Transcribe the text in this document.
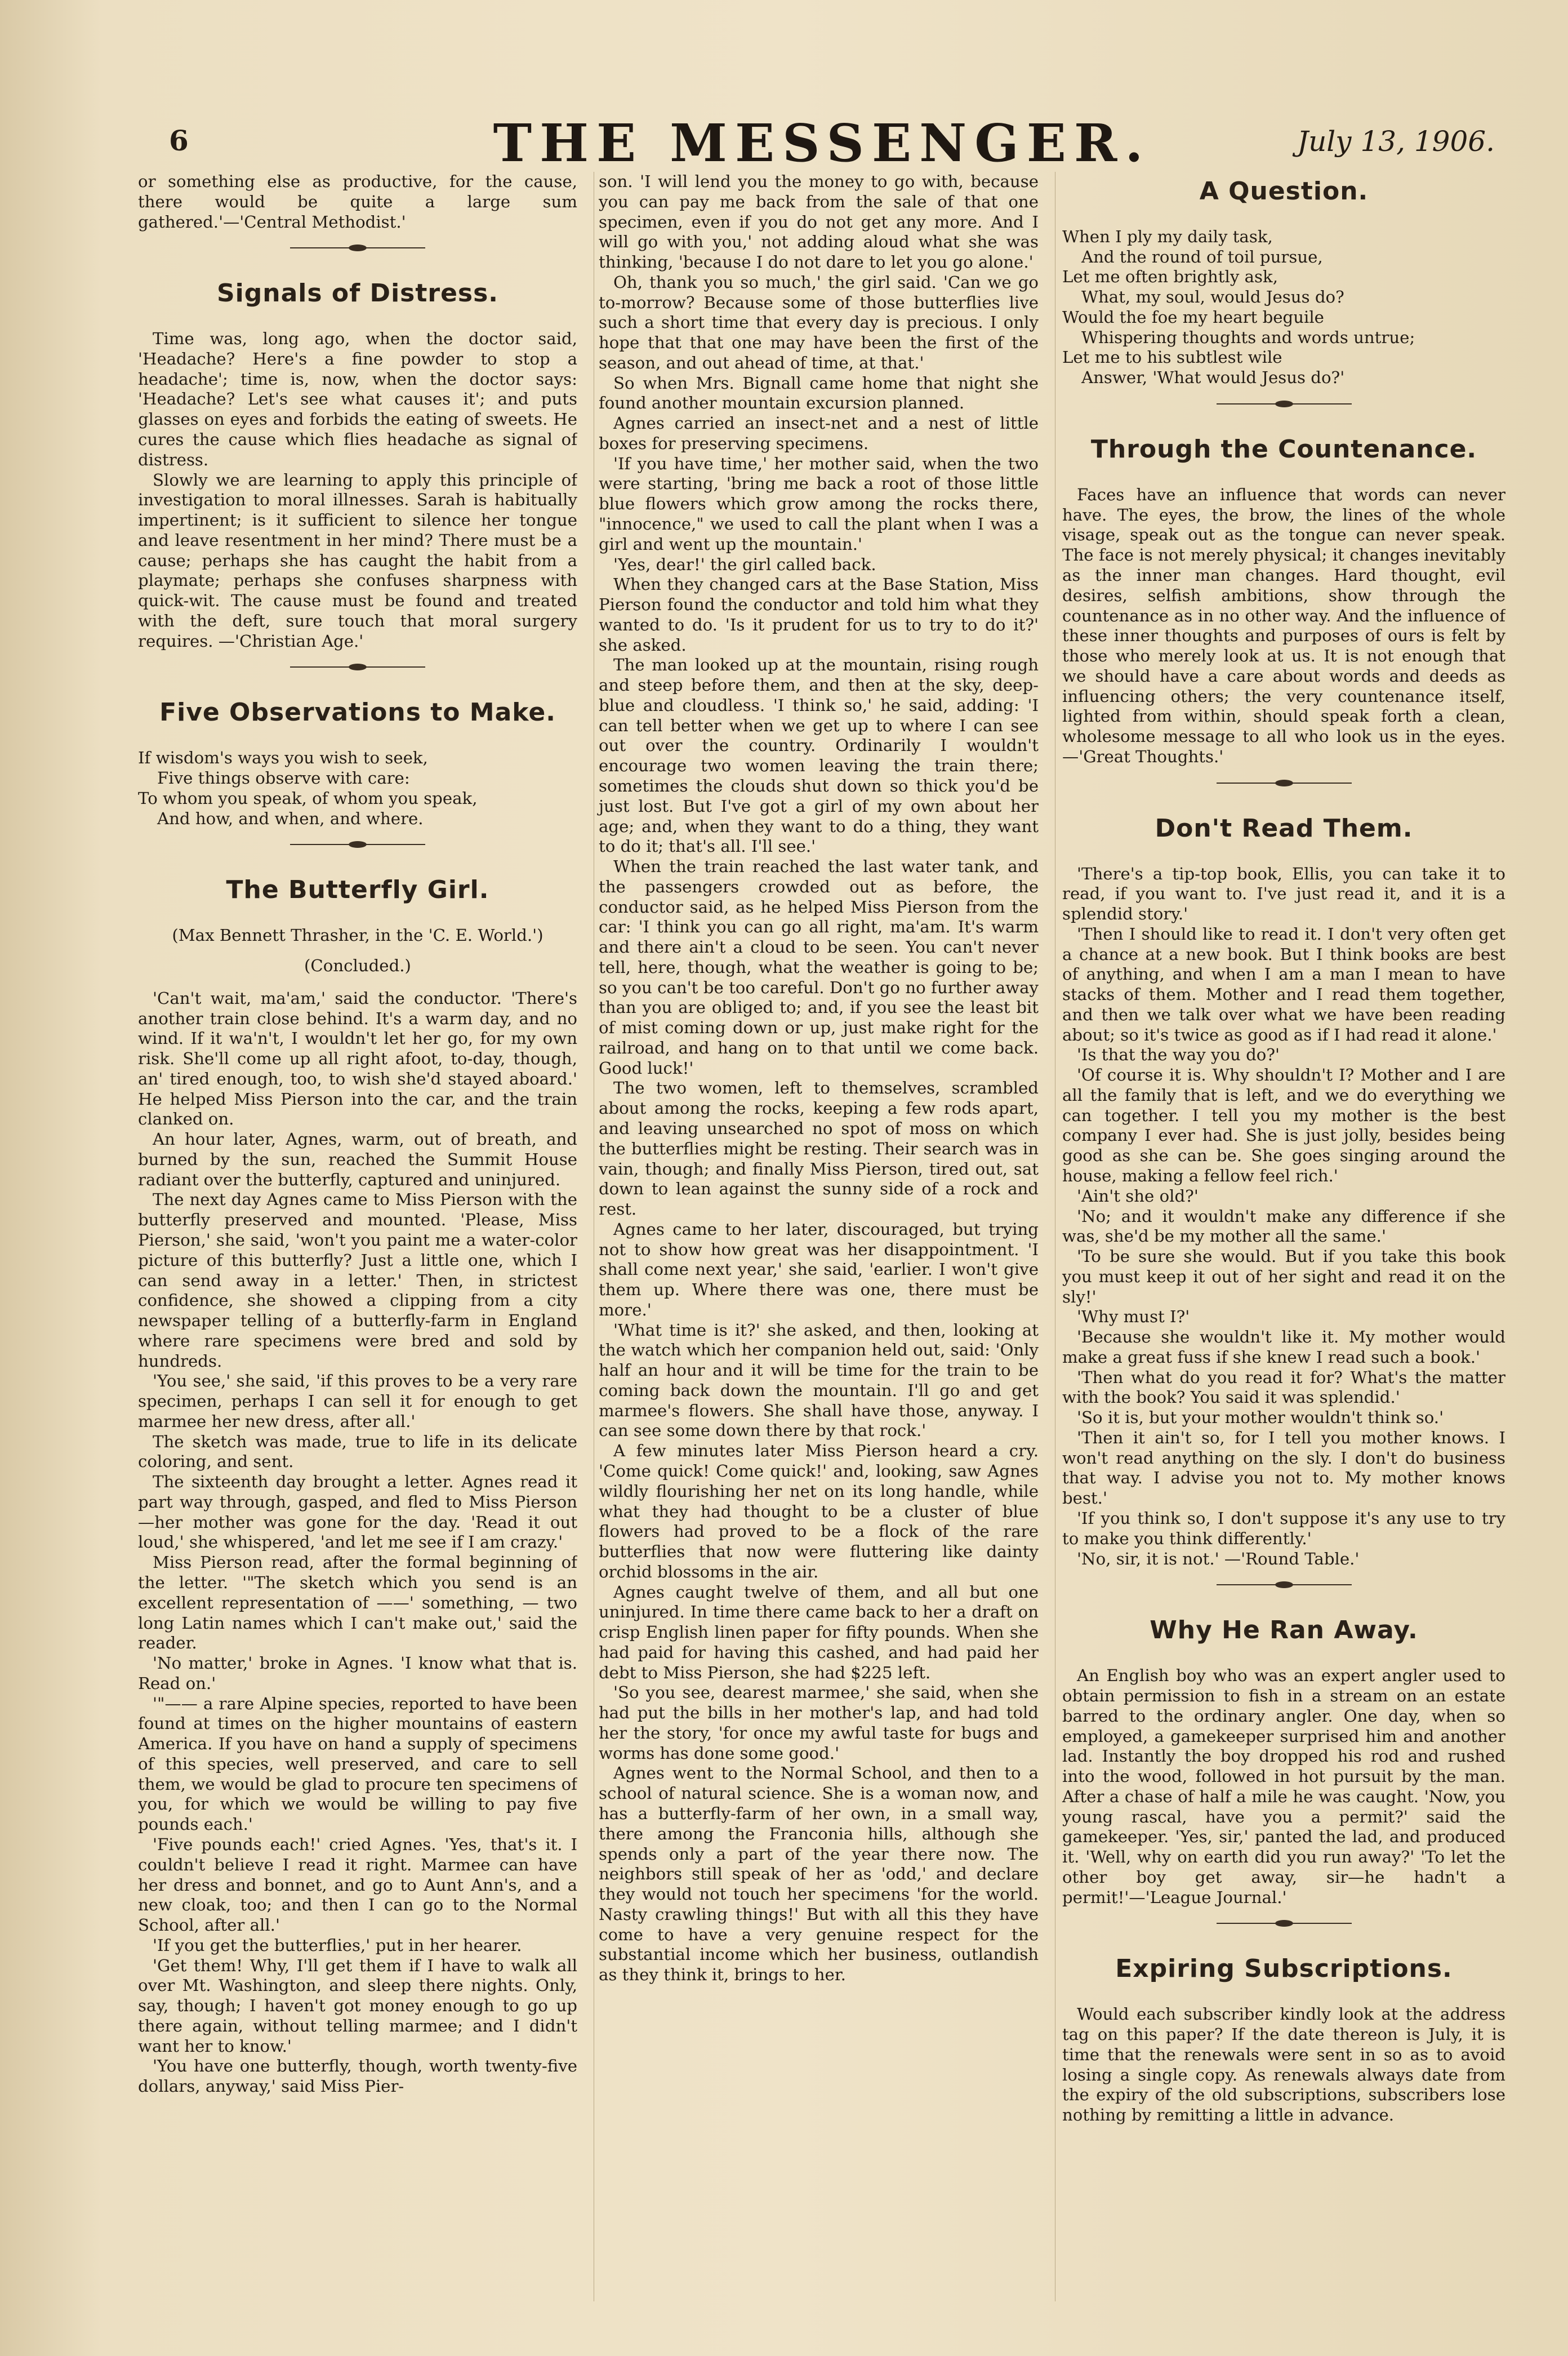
6	THE MESSENGER.	July 13, 1906.

or something else as productive, for the cause, there would be quite a large sum gathered.'—'Central Methodist.'

Signals of Distress.

Time was, long ago, when the doctor said, 'Headache? Here's a fine powder to stop a headache'; time is, now, when the doctor says: 'Headache? Let's see what causes it'; and puts glasses on eyes and forbids the eating of sweets. He cures the cause which flies headache as signal of distress.

Slowly we are learning to apply this principle of investigation to moral illnesses. Sarah is habitually impertinent; is it sufficient to silence her tongue and leave resentment in her mind? There must be a cause; perhaps she has caught the habit from a playmate; perhaps she confuses sharpness with quick-wit. The cause must be found and treated with the deft, sure touch that moral surgery requires. —'Christian Age.'

Five Observations to Make.
If wisdom's ways you wish to seek,
Five things observe with care:
To whom you speak, of whom you speak,
And how, and when, and where.
The Butterfly Girl.

(Max Bennett Thrasher, in the 'C. E. World.')

(Concluded.)

'Can't wait, ma'am,' said the conductor. 'There's another train close behind. It's a warm day, and no wind. If it wa'n't, I wouldn't let her go, for my own risk. She'll come up all right afoot, to-day, though, an' tired enough, too, to wish she'd stayed aboard.' He helped Miss Pierson into the car, and the train clanked on.

An hour later, Agnes, warm, out of breath, and burned by the sun, reached the Summit House radiant over the butterfly, captured and uninjured.

The next day Agnes came to Miss Pierson with the butterfly preserved and mounted. 'Please, Miss Pierson,' she said, 'won't you paint me a water-color picture of this butterfly? Just a little one, which I can send away in a letter.' Then, in strictest confidence, she showed a clipping from a city newspaper telling of a butterfly-farm in England where rare specimens were bred and sold by hundreds.

'You see,' she said, 'if this proves to be a very rare specimen, perhaps I can sell it for enough to get marmee her new dress, after all.'

The sketch was made, true to life in its delicate coloring, and sent.

The sixteenth day brought a letter. Agnes read it part way through, gasped, and fled to Miss Pierson—her mother was gone for the day. 'Read it out loud,' she whispered, 'and let me see if I am crazy.'

Miss Pierson read, after the formal beginning of the letter. '"The sketch which you send is an excellent representation of ——' something, — two long Latin names which I can't make out,' said the reader.

'No matter,' broke in Agnes. 'I know what that is. Read on.'

'"—— a rare Alpine species, reported to have been found at times on the higher mountains of eastern America. If you have on hand a supply of specimens of this species, well preserved, and care to sell them, we would be glad to procure ten specimens of you, for which we would be willing to pay five pounds each.'

'Five pounds each!' cried Agnes. 'Yes, that's it. I couldn't believe I read it right. Marmee can have her dress and bonnet, and go to Aunt Ann's, and a new cloak, too; and then I can go to the Normal School, after all.'

'If you get the butterflies,' put in her hearer.

'Get them! Why, I'll get them if I have to walk all over Mt. Washington, and sleep there nights. Only, say, though; I haven't got money enough to go up there again, without telling marmee; and I didn't want her to know.'

'You have one butterfly, though, worth twenty-five dollars, anyway,' said Miss Pier-

son. 'I will lend you the money to go with, because you can pay me back from the sale of that one specimen, even if you do not get any more. And I will go with you,' not adding aloud what she was thinking, 'because I do not dare to let you go alone.'

Oh, thank you so much,' the girl said. 'Can we go to-morrow? Because some of those butterflies live such a short time that every day is precious. I only hope that that one may have been the first of the season, and out ahead of time, at that.'

So when Mrs. Bignall came home that night she found another mountain excursion planned.

Agnes carried an insect-net and a nest of little boxes for preserving specimens.

'If you have time,' her mother said, when the two were starting, 'bring me back a root of those little blue flowers which grow among the rocks there, "innocence," we used to call the plant when I was a girl and went up the mountain.'

'Yes, dear!' the girl called back.

When they changed cars at the Base Station, Miss Pierson found the conductor and told him what they wanted to do. 'Is it prudent for us to try to do it?' she asked.

The man looked up at the mountain, rising rough and steep before them, and then at the sky, deep-blue and cloudless. 'I think so,' he said, adding: 'I can tell better when we get up to where I can see out over the country. Ordinarily I wouldn't encourage two women leaving the train there; sometimes the clouds shut down so thick you'd be just lost. But I've got a girl of my own about her age; and, when they want to do a thing, they want to do it; that's all. I'll see.'

When the train reached the last water tank, and the passengers crowded out as before, the conductor said, as he helped Miss Pierson from the car: 'I think you can go all right, ma'am. It's warm and there ain't a cloud to be seen. You can't never tell, here, though, what the weather is going to be; so you can't be too careful. Don't go no further away than you are obliged to; and, if you see the least bit of mist coming down or up, just make right for the railroad, and hang on to that until we come back. Good luck!'

The two women, left to themselves, scrambled about among the rocks, keeping a few rods apart, and leaving unsearched no spot of moss on which the butterflies might be resting. Their search was in vain, though; and finally Miss Pierson, tired out, sat down to lean against the sunny side of a rock and rest.

Agnes came to her later, discouraged, but trying not to show how great was her disappointment. 'I shall come next year,' she said, 'earlier. I won't give them up. Where there was one, there must be more.'

'What time is it?' she asked, and then, looking at the watch which her companion held out, said: 'Only half an hour and it will be time for the train to be coming back down the mountain. I'll go and get marmee's flowers. She shall have those, anyway. I can see some down there by that rock.'

A few minutes later Miss Pierson heard a cry. 'Come quick! Come quick!' and, looking, saw Agnes wildly flourishing her net on its long handle, while what they had thought to be a cluster of blue flowers had proved to be a flock of the rare butterflies that now were fluttering like dainty orchid blossoms in the air.

Agnes caught twelve of them, and all but one uninjured. In time there came back to her a draft on crisp English linen paper for fifty pounds. When she had paid for having this cashed, and had paid her debt to Miss Pierson, she had $225 left.

'So you see, dearest marmee,' she said, when she had put the bills in her mother's lap, and had told her the story, 'for once my awful taste for bugs and worms has done some good.'

Agnes went to the Normal School, and then to a school of natural science. She is a woman now, and has a butterfly-farm of her own, in a small way, there among the Franconia hills, although she spends only a part of the year there now. The neighbors still speak of her as 'odd,' and declare they would not touch her specimens 'for the world. Nasty crawling things!' But with all this they have come to have a very genuine respect for the substantial income which her business, outlandish as they think it, brings to her.

A Question.
When I ply my daily task,
And the round of toil pursue,
Let me often brightly ask,
What, my soul, would Jesus do?
Would the foe my heart beguile
Whispering thoughts and words untrue;
Let me to his subtlest wile
Answer, 'What would Jesus do?'
Through the Countenance.

Faces have an influence that words can never have. The eyes, the brow, the lines of the whole visage, speak out as the tongue can never speak. The face is not merely physical; it changes inevitably as the inner man changes. Hard thought, evil desires, selfish ambitions, show through the countenance as in no other way. And the influence of these inner thoughts and purposes of ours is felt by those who merely look at us. It is not enough that we should have a care about words and deeds as influencing others; the very countenance itself, lighted from within, should speak forth a clean, wholesome message to all who look us in the eyes.—'Great Thoughts.'

Don't Read Them.

'There's a tip-top book, Ellis, you can take it to read, if you want to. I've just read it, and it is a splendid story.'

'Then I should like to read it. I don't very often get a chance at a new book. But I think books are best of anything, and when I am a man I mean to have stacks of them. Mother and I read them together, and then we talk over what we have been reading about; so it's twice as good as if I had read it alone.'

'Is that the way you do?'

'Of course it is. Why shouldn't I? Mother and I are all the family that is left, and we do everything we can together. I tell you my mother is the best company I ever had. She is just jolly, besides being good as she can be. She goes singing around the house, making a fellow feel rich.'

'Ain't she old?'

'No; and it wouldn't make any difference if she was, she'd be my mother all the same.'

'To be sure she would. But if you take this book you must keep it out of her sight and read it on the sly!'

'Why must I?'

'Because she wouldn't like it. My mother would make a great fuss if she knew I read such a book.'

'Then what do you read it for? What's the matter with the book? You said it was splendid.'

'So it is, but your mother wouldn't think so.'

'Then it ain't so, for I tell you mother knows. I won't read anything on the sly. I don't do business that way. I advise you not to. My mother knows best.'

'If you think so, I don't suppose it's any use to try to make you think differently.'

'No, sir, it is not.' —'Round Table.'

Why He Ran Away.

An English boy who was an expert angler used to obtain permission to fish in a stream on an estate barred to the ordinary angler. One day, when so employed, a gamekeeper surprised him and another lad. Instantly the boy dropped his rod and rushed into the wood, followed in hot pursuit by the man. After a chase of half a mile he was caught. 'Now, you young rascal, have you a permit?' said the gamekeeper. 'Yes, sir,' panted the lad, and produced it. 'Well, why on earth did you run away?' 'To let the other boy get away, sir—he hadn't a permit!'—'League Journal.'

Expiring Subscriptions.

Would each subscriber kindly look at the address tag on this paper? If the date thereon is July, it is time that the renewals were sent in so as to avoid losing a single copy. As renewals always date from the expiry of the old subscriptions, subscribers lose nothing by remitting a little in advance.
